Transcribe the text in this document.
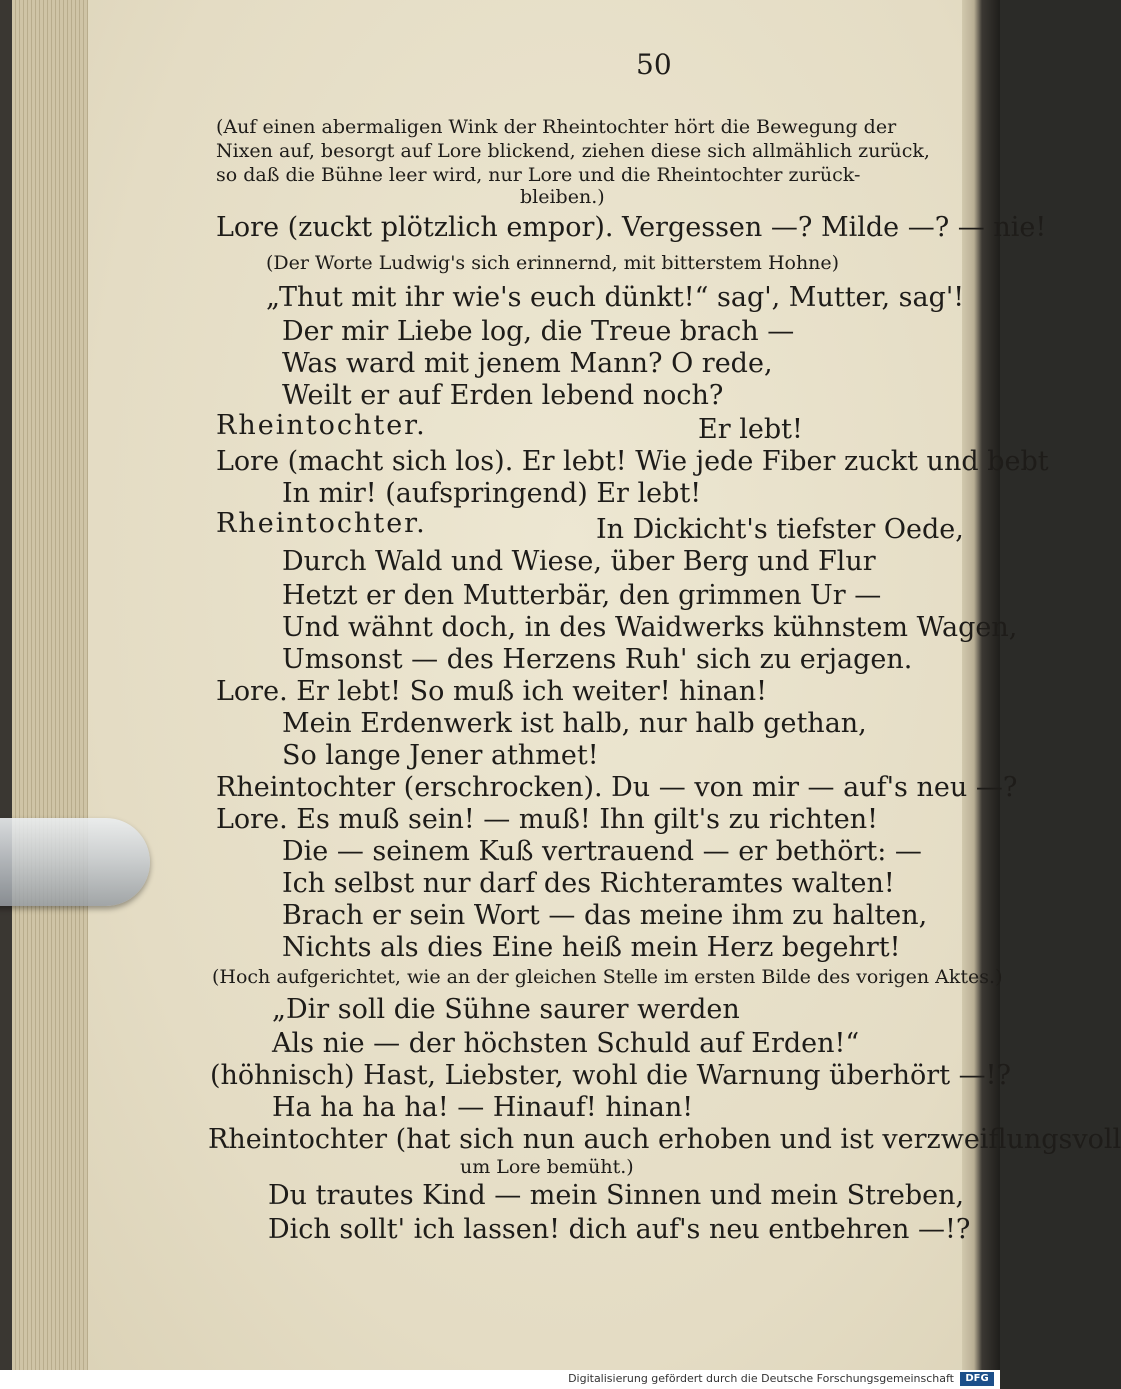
50
(Auf einen abermaligen Wink der Rheintochter hört die Bewegung der
Nixen auf, besorgt auf Lore blickend, ziehen diese sich allmählich zurück,
so daß die Bühne leer wird, nur Lore und die Rheintochter zurück-
bleiben.)
Lore (zuckt plötzlich empor). Vergessen —? Milde —? — nie!
(Der Worte Ludwig's sich erinnernd, mit bitterstem Hohne)
„Thut mit ihr wie's euch dünkt!“ sag', Mutter, sag'!
Der mir Liebe log, die Treue brach —
Was ward mit jenem Mann? O rede,
Weilt er auf Erden lebend noch?
Rheintochter.	Er lebt!
Lore (macht sich los). Er lebt! Wie jede Fiber zuckt und bebt
In mir! (aufspringend) Er lebt!
Rheintochter.	In Dickicht's tiefster Oede,
Durch Wald und Wiese, über Berg und Flur
Hetzt er den Mutterbär, den grimmen Ur —
Und wähnt doch, in des Waidwerks kühnstem Wagen,
Umsonst — des Herzens Ruh' sich zu erjagen.
Lore. Er lebt! So muß ich weiter! hinan!
Mein Erdenwerk ist halb, nur halb gethan,
So lange Jener athmet!
Rheintochter (erschrocken). Du — von mir — auf's neu —?
Lore. Es muß sein! — muß! Ihn gilt's zu richten!
Die — seinem Kuß vertrauend — er bethört: —
Ich selbst nur darf des Richteramtes walten!
Brach er sein Wort — das meine ihm zu halten,
Nichts als dies Eine heiß mein Herz begehrt!
(Hoch aufgerichtet, wie an der gleichen Stelle im ersten Bilde des vorigen Aktes.)
„Dir soll die Sühne saurer werden
Als nie — der höchsten Schuld auf Erden!“
(höhnisch) Hast, Liebster, wohl die Warnung überhört —!?
Ha ha ha ha! — Hinauf! hinan!
Rheintochter (hat sich nun auch erhoben und ist verzweiflungsvoll
um Lore bemüht.)
Du trautes Kind — mein Sinnen und mein Streben,
Dich sollt' ich lassen! dich auf's neu entbehren —!?
Digitalisierung gefördert durch die Deutsche Forschungsgemeinschaft	DFG
